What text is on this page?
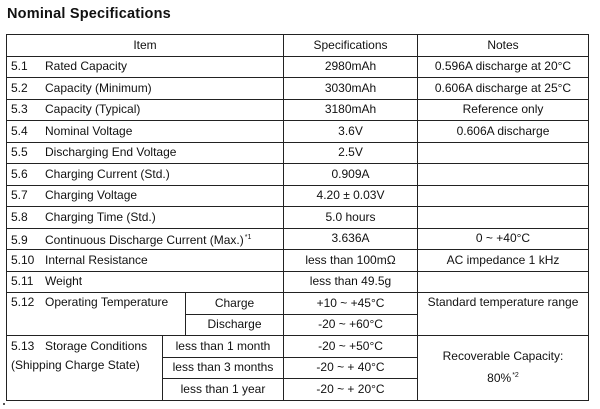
Nominal Specifications
Item			Specifications	Notes
5.1 Rated Capacity			2980mAh	0.596A discharge at 20°C
5.2 Capacity (Minimum)			3030mAh	0.606A discharge at 25°C
5.3 Capacity (Typical)			3180mAh	Reference only
5.4 Nominal Voltage			3.6V	0.606A discharge
5.5 Discharging End Voltage			2.5V	
5.6 Charging Current (Std.)			0.909A	
5.7 Charging Voltage			4.20 ± 0.03V	
5.8 Charging Time (Std.)			5.0 hours	
5.9 Continuous Discharge Current $(Max.)^{*1}$			3.636A	0 ~ +40°C
5.10 Internal Resistance			less than 100mΩ	AC impedance 1 kHz
5.11 Weight			less than 49.5g	
5.12 Operating Temperature		Charge	+10 ~ +45°C	Standard temperature range
		Discharge	-20 ~ +60°C	
5.13 Storage Conditions
(Shipping Charge State)	less than 1 month		-20 ~ +50°C	Recoverable Capacity:
80%$^{*2}$
	less than 3 months		-20 ~ + 40°C	
	less than 1 year		-20 ~ + 20°C	
